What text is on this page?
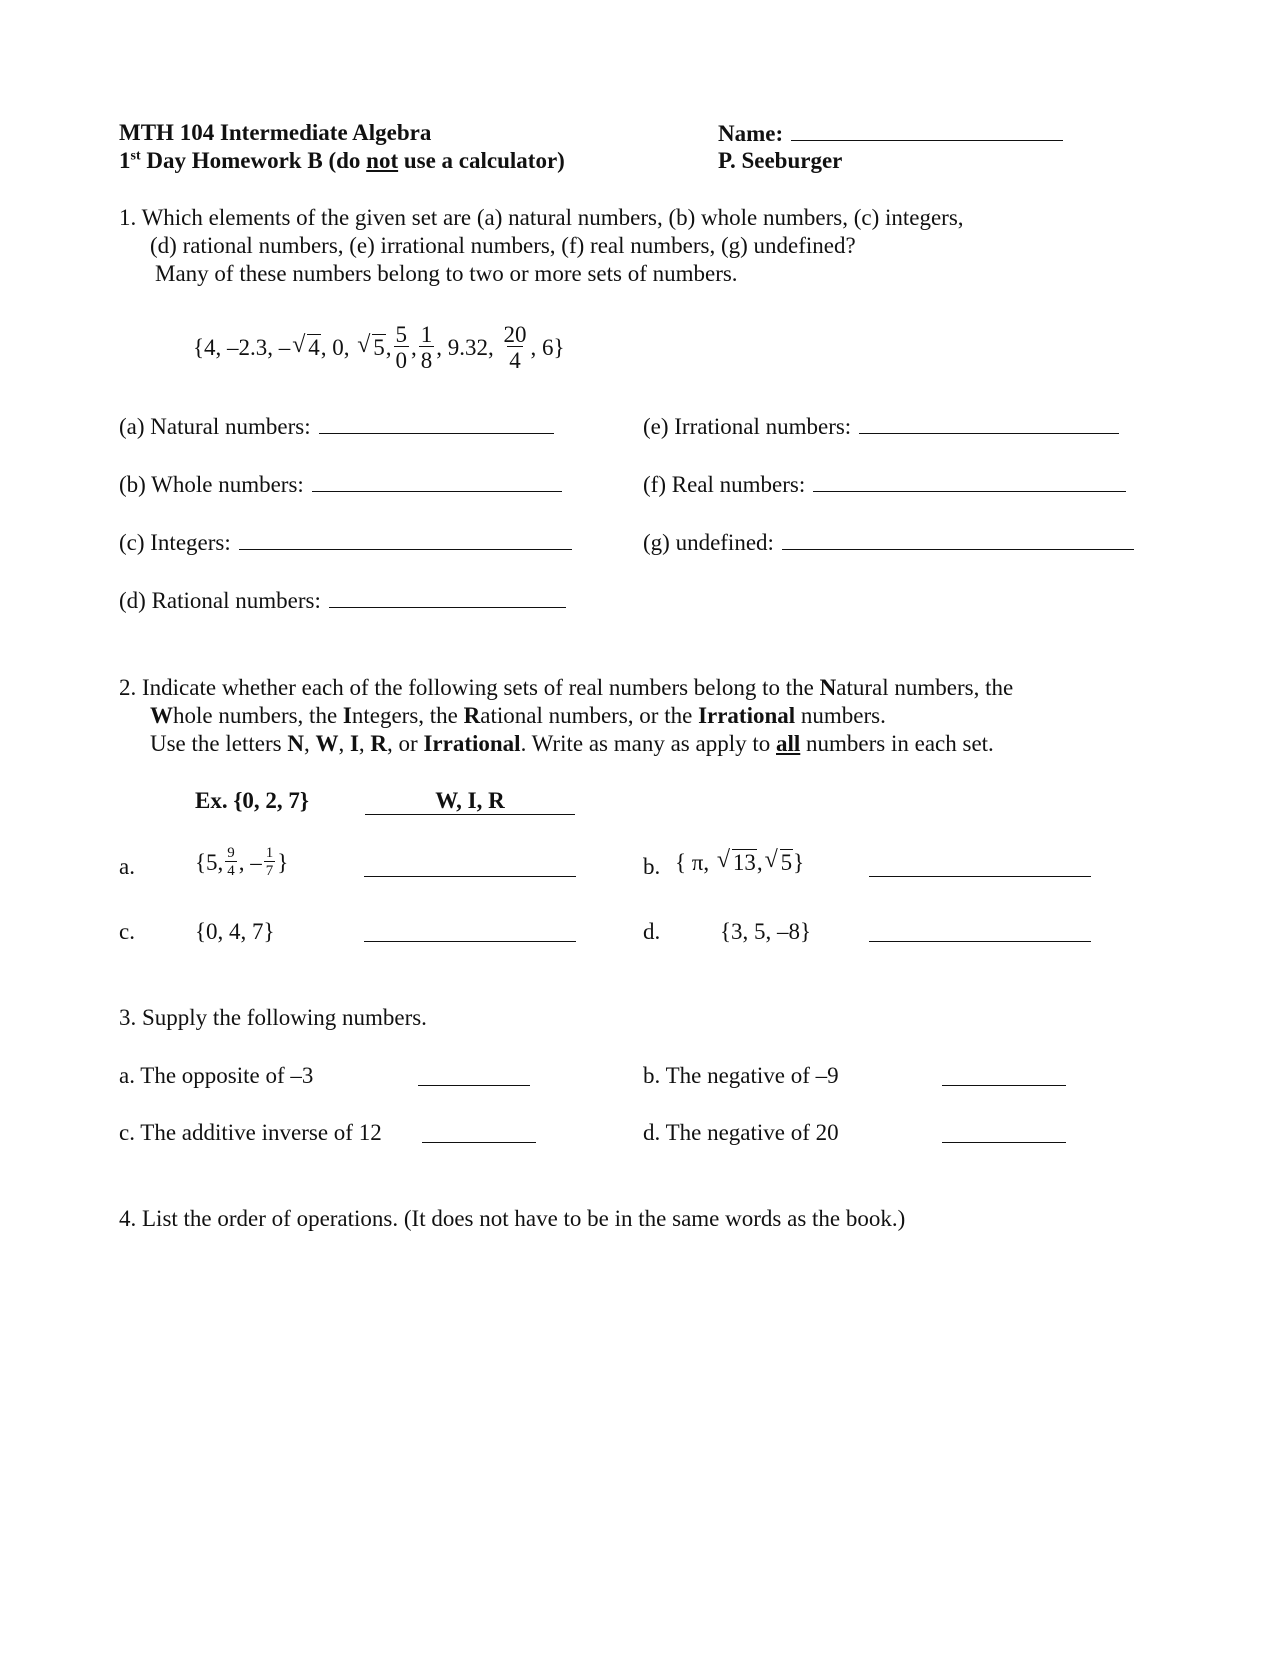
MTH 104 Intermediate Algebra
1st Day Homework B (do not use a calculator)
Name:
P. Seeburger
1. Which elements of the given set are (a) natural numbers, (b) whole numbers, (c) integers,
(d) rational numbers, (e) irrational numbers, (f) real numbers, (g) undefined?
Many of these numbers belong to two or more sets of numbers.
{4, –2.3, – √ 4 , 0,
√ 5 , $\frac{5}{0}$ , $\frac{1}{8}$ , 9.32,
$\frac{20}{4}$ , 6}
(a) Natural numbers:
(b) Whole numbers:
(c) Integers:
(d) Rational numbers:
(e) Irrational numbers:
(f) Real numbers:
(g) undefined:
2. Indicate whether each of the following sets of real numbers belong to the Natural numbers, the
Whole numbers, the Integers, the Rational numbers, or the Irrational numbers.
Use the letters N, W, I, R, or Irrational. Write as many as apply to all numbers in each set.
Ex. {0, 2, 7}	W, I, R
a.	{5, $\frac{9}{4}$ , – $\frac{1}{7}$ }	b. { π,
√ 13 , √ 5 }
c.	{0, 4, 7}	d.	{3, 5, –8}
3. Supply the following numbers.
a. The opposite of –3	b. The negative of –9
c. The additive inverse of 12	d. The negative of 20
4. List the order of operations. (It does not have to be in the same words as the book.)
